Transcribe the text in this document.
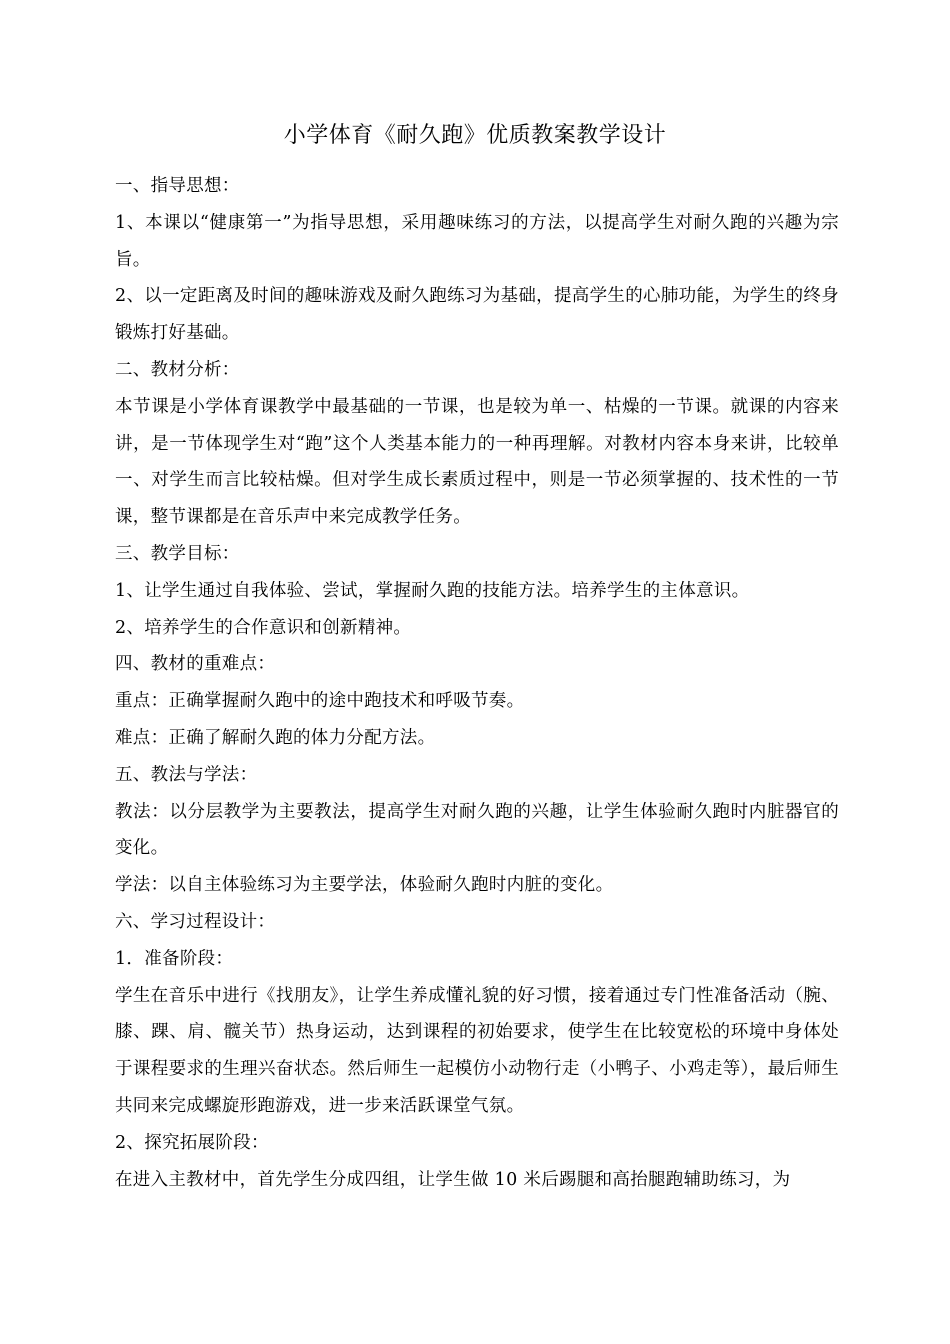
小学体育《耐久跑》优质教案教学设计

一、指导思想：

1、本课以“健康第一”为指导思想，采用趣味练习的方法，以提高学生对耐久跑的兴趣为宗旨。

2、以一定距离及时间的趣味游戏及耐久跑练习为基础，提高学生的心肺功能，为学生的终身锻炼打好基础。

二、教材分析：

本节课是小学体育课教学中最基础的一节课，也是较为单一、枯燥的一节课。就课的内容来讲，是一节体现学生对“跑”这个人类基本能力的一种再理解。对教材内容本身来讲，比较单一、对学生而言比较枯燥。但对学生成长素质过程中，则是一节必须掌握的、技术性的一节课，整节课都是在音乐声中来完成教学任务。

三、教学目标：

1、让学生通过自我体验、尝试，掌握耐久跑的技能方法。培养学生的主体意识。

2、培养学生的合作意识和创新精神。

四、教材的重难点：

重点：正确掌握耐久跑中的途中跑技术和呼吸节奏。

难点：正确了解耐久跑的体力分配方法。

五、教法与学法：

教法：以分层教学为主要教法，提高学生对耐久跑的兴趣，让学生体验耐久跑时内脏器官的变化。

学法：以自主体验练习为主要学法，体验耐久跑时内脏的变化。

六、学习过程设计：

1．准备阶段：

学生在音乐中进行《找朋友》，让学生养成懂礼貌的好习惯，接着通过专门性准备活动（腕、膝、踝、肩、髋关节）热身运动，达到课程的初始要求，使学生在比较宽松的环境中身体处于课程要求的生理兴奋状态。然后师生一起模仿小动物行走（小鸭子、小鸡走等），最后师生共同来完成螺旋形跑游戏，进一步来活跃课堂气氛。

2、探究拓展阶段：

在进入主教材中，首先学生分成四组，让学生做 10 米后踢腿和高抬腿跑辅助练习，为
